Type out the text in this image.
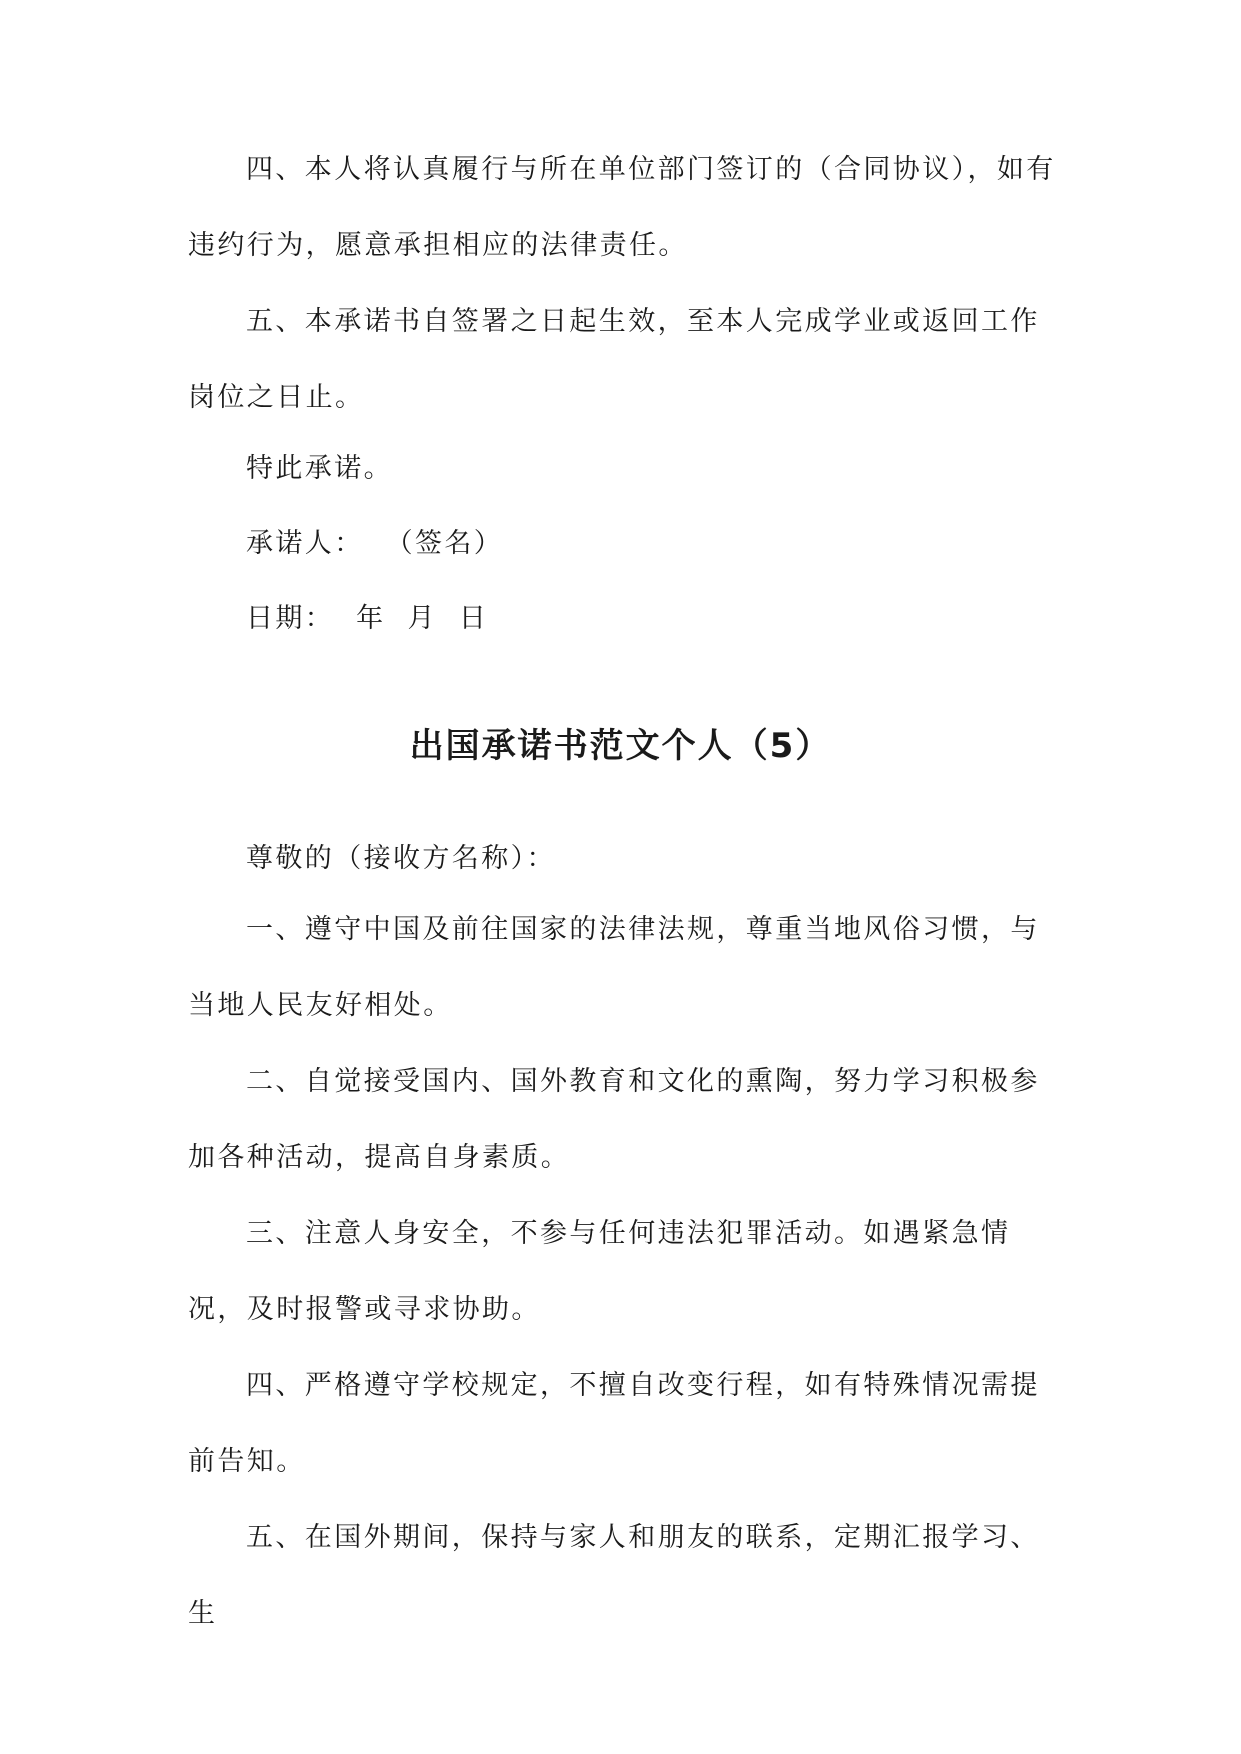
四、本人将认真履行与所在单位部门签订的（合同协议），如有违约行为，愿意承担相应的法律责任。

五、本承诺书自签署之日起生效，至本人完成学业或返回工作岗位之日止。

特此承诺。

承诺人：  （签名）

日期：  年  月  日

出国承诺书范文个人（5）

尊敬的（接收方名称）：

一、遵守中国及前往国家的法律法规，尊重当地风俗习惯，与当地人民友好相处。

二、自觉接受国内、国外教育和文化的熏陶，努力学习积极参加各种活动，提高自身素质。

三、注意人身安全，不参与任何违法犯罪活动。如遇紧急情况，及时报警或寻求协助。

四、严格遵守学校规定，不擅自改变行程，如有特殊情况需提前告知。

五、在国外期间，保持与家人和朋友的联系，定期汇报学习、生
